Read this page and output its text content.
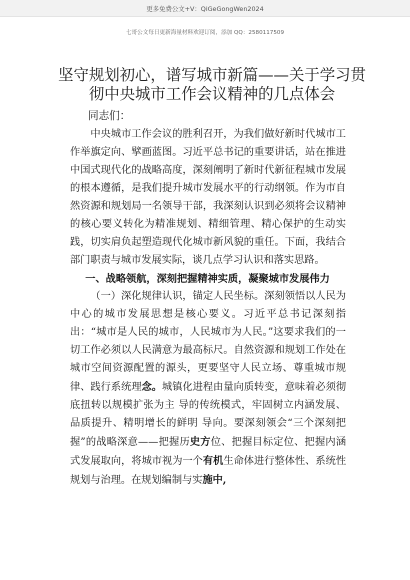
更多免费公文+V：QiGeGongWen2024
七哥公文每日更新海量材料欢迎订阅，添加 QQ：2580117509
坚守规划初心，谱写城市新篇——关于学习贯彻中央城市工作会议精神的几点体会
同志们：

中央城市工作会议的胜利召开，为我们做好新时代城市工作举旗定向、擘画蓝图。习近平总书记的重要讲话，站在推进中国式现代化的战略高度，深刻阐明了新时代新征程城市发展的根本遵循，是我们提升城市发展水平的行动纲领。作为市自然资源和规划局一名领导干部，我深刻认识到必须将会议精神的核心要义转化为精准规划、精细管理、精心保护的生动实践，切实肩负起塑造现代化城市新风貌的重任。下面，我结合部门职责与城市发展实际，谈几点学习认识和落实思路。

一、战略领航，深刻把握精神实质，凝聚城市发展伟力

（一）深化规律认识，锚定人民坐标。深刻领悟以人民为中心的城市发展思想是核心要义。习近平总书记深刻指出：“城市是人民的城市，人民城市为人民。”这要求我们的一切工作必须以人民满意为最高标尺。自然资源和规划工作处在城市空间资源配置的源头，更要坚守人民立场、尊重城市规律、践行系统理念。城镇化进程由量向质转变，意味着必须彻底扭转以规模扩张为主 导的传统模式，牢固树立内涵发展、品质提升、精明增长的鲜明 导向。要深刻领会“三个深刻把握”的战略深意——把握历史方位、把握目标定位、把握内涵式发展取向，将城市视为一个有机生命体进行整体性、系统性规划与治理。在规划编制与实施中,
